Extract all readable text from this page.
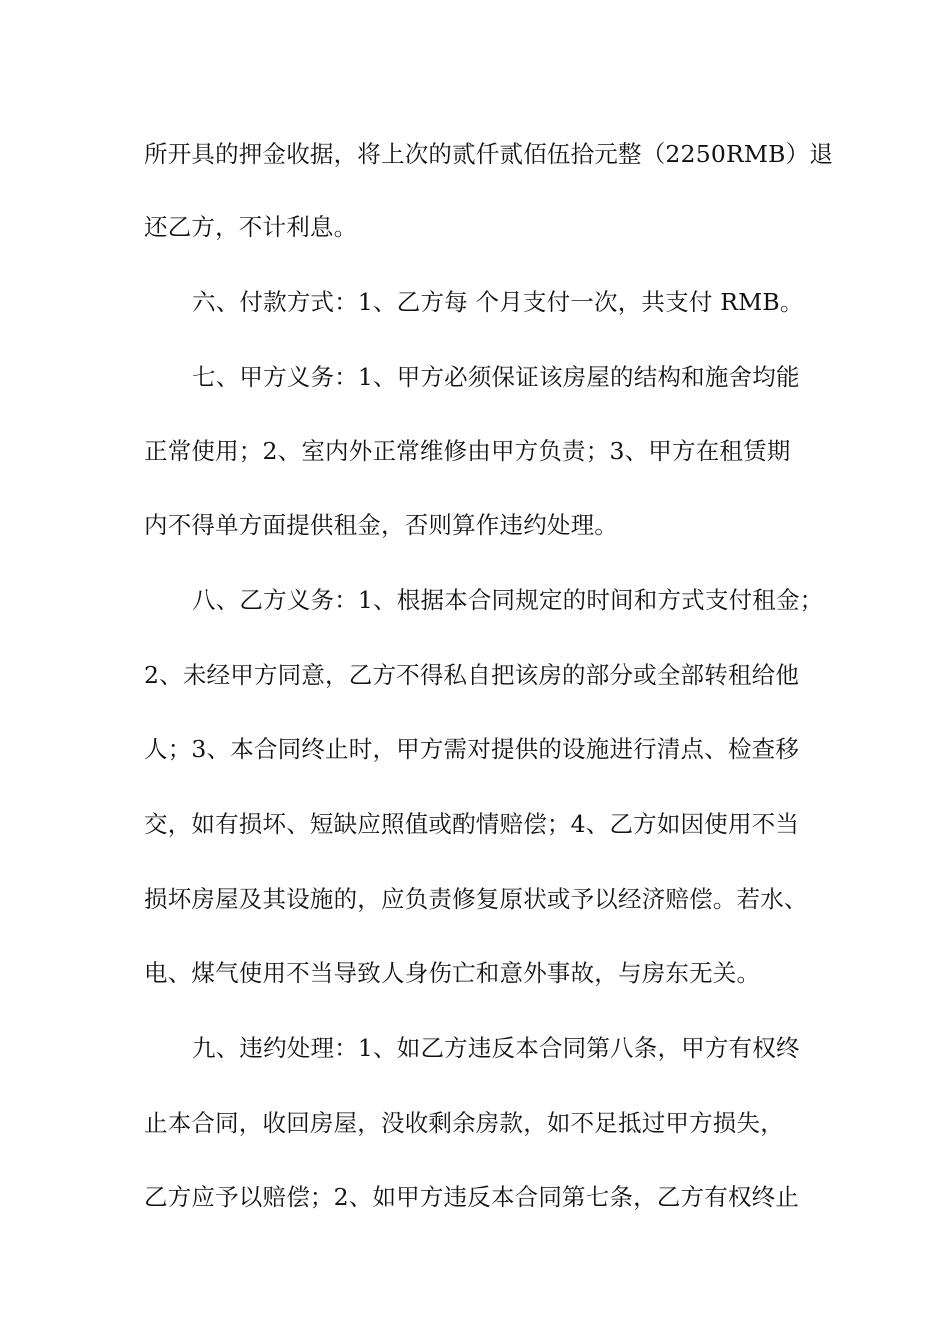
所开具的押金收据，将上次的贰仟贰佰伍拾元整（2250RMB）退
还乙方，不计利息。
六、付款方式：1、乙方每 个月支付一次，共支付 RMB。
七、甲方义务：1、甲方必须保证该房屋的结构和施舍均能
正常使用；2、室内外正常维修由甲方负责；3、甲方在租赁期
内不得单方面提供租金，否则算作违约处理。
八、乙方义务：1、根据本合同规定的时间和方式支付租金；
2、未经甲方同意，乙方不得私自把该房的部分或全部转租给他
人；3、本合同终止时，甲方需对提供的设施进行清点、检查移
交，如有损坏、短缺应照值或酌情赔偿；4、乙方如因使用不当
损坏房屋及其设施的，应负责修复原状或予以经济赔偿。若水、
电、煤气使用不当导致人身伤亡和意外事故，与房东无关。
九、违约处理：1、如乙方违反本合同第八条，甲方有权终
止本合同，收回房屋，没收剩余房款，如不足抵过甲方损失，
乙方应予以赔偿；2、如甲方违反本合同第七条，乙方有权终止
